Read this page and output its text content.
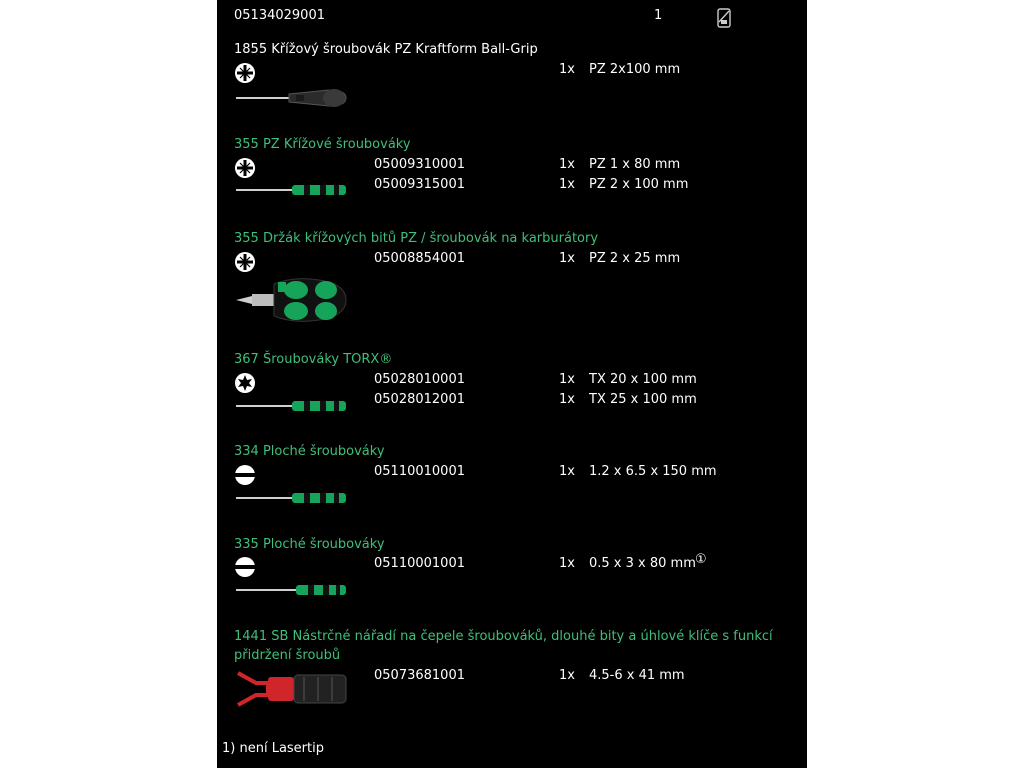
05134029001	1
1855 Křížový šroubovák PZ Kraftform Ball-Grip
1x PZ 2x100 mm
355 PZ Křížové šroubováky
05009310001	1x PZ 1 x 80 mm
05009315001	1x PZ 2 x 100 mm
355 Držák křížových bitů PZ / šroubovák na karburátory
05008854001	1x PZ 2 x 25 mm
367 Šroubováky TORX®
05028010001	1x TX 20 x 100 mm
05028012001	1x TX 25 x 100 mm
334 Ploché šroubováky
05110010001	1x 1.2 x 6.5 x 150 mm
335 Ploché šroubováky
05110001001	1x 0.5 x 3 x 80 mm ①
1441 SB Nástrčné nářadí na čepele šroubováků, dlouhé bity a úhlové klíče s funkcí
přidržení šroubů
05073681001	1x 4.5-6 x 41 mm
1) není Lasertip
